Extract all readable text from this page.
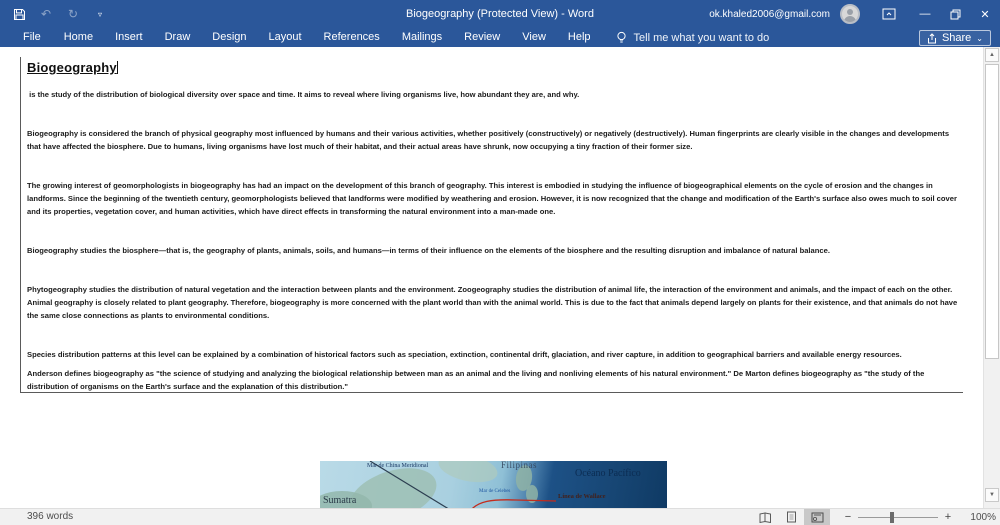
↶ ↻ ▿	Biogeography (Protected View) - Word	ok.khaled2006@gmail.com	—	✕
File	Home	Insert	Draw	Design	Layout	References	Mailings	Review	View	Help	Tell me what you want to do	Share ⌄
Biogeography

is the study of the distribution of biological diversity over space and time. It aims to reveal where living organisms live, how abundant they are, and why.

Biogeography is considered the branch of physical geography most influenced by humans and their various activities, whether positively (constructively) or negatively (destructively). Human fingerprints are clearly visible in the changes and developments that have affected the biosphere. Due to humans, living organisms have lost much of their habitat, and their actual areas have shrunk, now occupying a tiny fraction of their former size.

The growing interest of geomorphologists in biogeography has had an impact on the development of this branch of geography. This interest is embodied in studying the influence of biogeographical elements on the cycle of erosion and the changes in landforms. Since the beginning of the twentieth century, geomorphologists believed that landforms were modified by weathering and erosion. However, it is now recognized that the change and modification of the Earth's surface also owes much to soil cover and its properties, vegetation cover, and human activities, which have direct effects in transforming the natural environment into a man-made one.

Biogeography studies the biosphere—that is, the geography of plants, animals, soils, and humans—in terms of their influence on the elements of the biosphere and the resulting disruption and imbalance of natural balance.

Phytogeography studies the distribution of natural vegetation and the interaction between plants and the environment. Zoogeography studies the distribution of animal life, the interaction of the environment and animals, and the impact of each on the other. Animal geography is closely related to plant geography. Therefore, biogeography is more concerned with the plant world than with the animal world. This is due to the fact that animals depend largely on plants for their existence, and that animals do not have the same close connections as plants to environmental conditions.

Species distribution patterns at this level can be explained by a combination of historical factors such as speciation, extinction, continental drift, glaciation, and river capture, in addition to geographical barriers and available energy resources.

Anderson defines biogeography as "the science of studying and analyzing the biological relationship between man as an animal and the living and nonliving elements of his natural environment." De Marton defines biogeography as "the study of the distribution of organisms on the Earth's surface and the explanation of this distribution."

Mar de China Meridional	Filipinas
Océano Pacífico
Mar de Celebes
Línea de Wallace
Sumatra
▲
▼
396 words	−	+	100%
